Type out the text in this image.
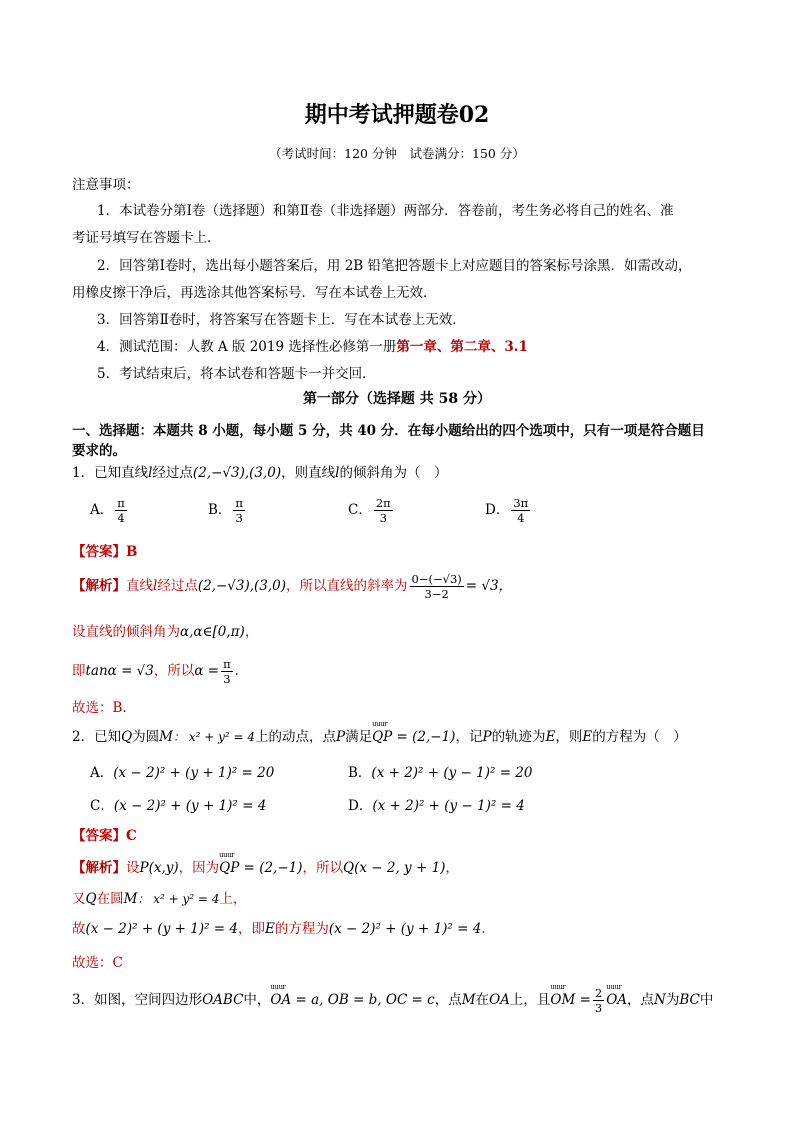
期中考试押题卷02
（考试时间：120 分钟　试卷满分：150 分）
注意事项：
1．本试卷分第Ⅰ卷（选择题）和第Ⅱ卷（非选择题）两部分．答卷前，考生务必将自己的姓名、准
考证号填写在答题卡上．
2．回答第Ⅰ卷时，选出每小题答案后，用 2B 铅笔把答题卡上对应题目的答案标号涂黑．如需改动，
用橡皮擦干净后，再选涂其他答案标号．写在本试卷上无效．
3．回答第Ⅱ卷时，将答案写在答题卡上．写在本试卷上无效．
4．测试范围：人教 A 版 2019 选择性必修第一册第一章、第二章、3.1
5．考试结束后，将本试卷和答题卡一并交回．
第一部分（选择题 共 58 分）
一、选择题：本题共 8 小题，每小题 5 分，共 40 分．在每小题给出的四个选项中，只有一项是符合题目
要求的。
1．已知直线l经过点(2,−√3),(3,0)，则直线l的倾斜角为（　）
A． $\frac{\pi}{4}$	B． $\frac{\pi}{3}$	C． $\frac{2\pi}{3}$	D． $\frac{3\pi}{4}$
【答案】B
【解析】直线l经过点(2,−√3),(3,0)，所以直线的斜率为 $\frac{0-(-√3)}{3-2} = √3$，
设直线的倾斜角为α,α∈[0,π)，
即tanα = √3，所以$\alpha = \frac{\pi}{3}$ .
故选：B.
2．已知Q为圆M： x² + y² = 4上的动点，点P满足uuur QP = (2,−1)，记P的轨迹为E，则E的方程为（　）
A．(x − 2)² + (y + 1)² = 20	B．(x + 2)² + (y − 1)² = 20
C．(x − 2)² + (y + 1)² = 4	D．(x + 2)² + (y − 1)² = 4
【答案】C
【解析】设P(x,y)，因为uuur QP = (2,−1)，所以Q(x − 2, y + 1)，
又Q在圆M： x² + y² = 4上，
故(x − 2)² + (y + 1)² = 4，即E的方程为(x − 2)² + (y + 1)² = 4．
故选：C
3．如图，空间四边形OABC中，uuur OA = a, OB = b, OC = c，点M在OA上，且uuur OM = $\frac{2}{3}$
uuur OA，点N为BC中
